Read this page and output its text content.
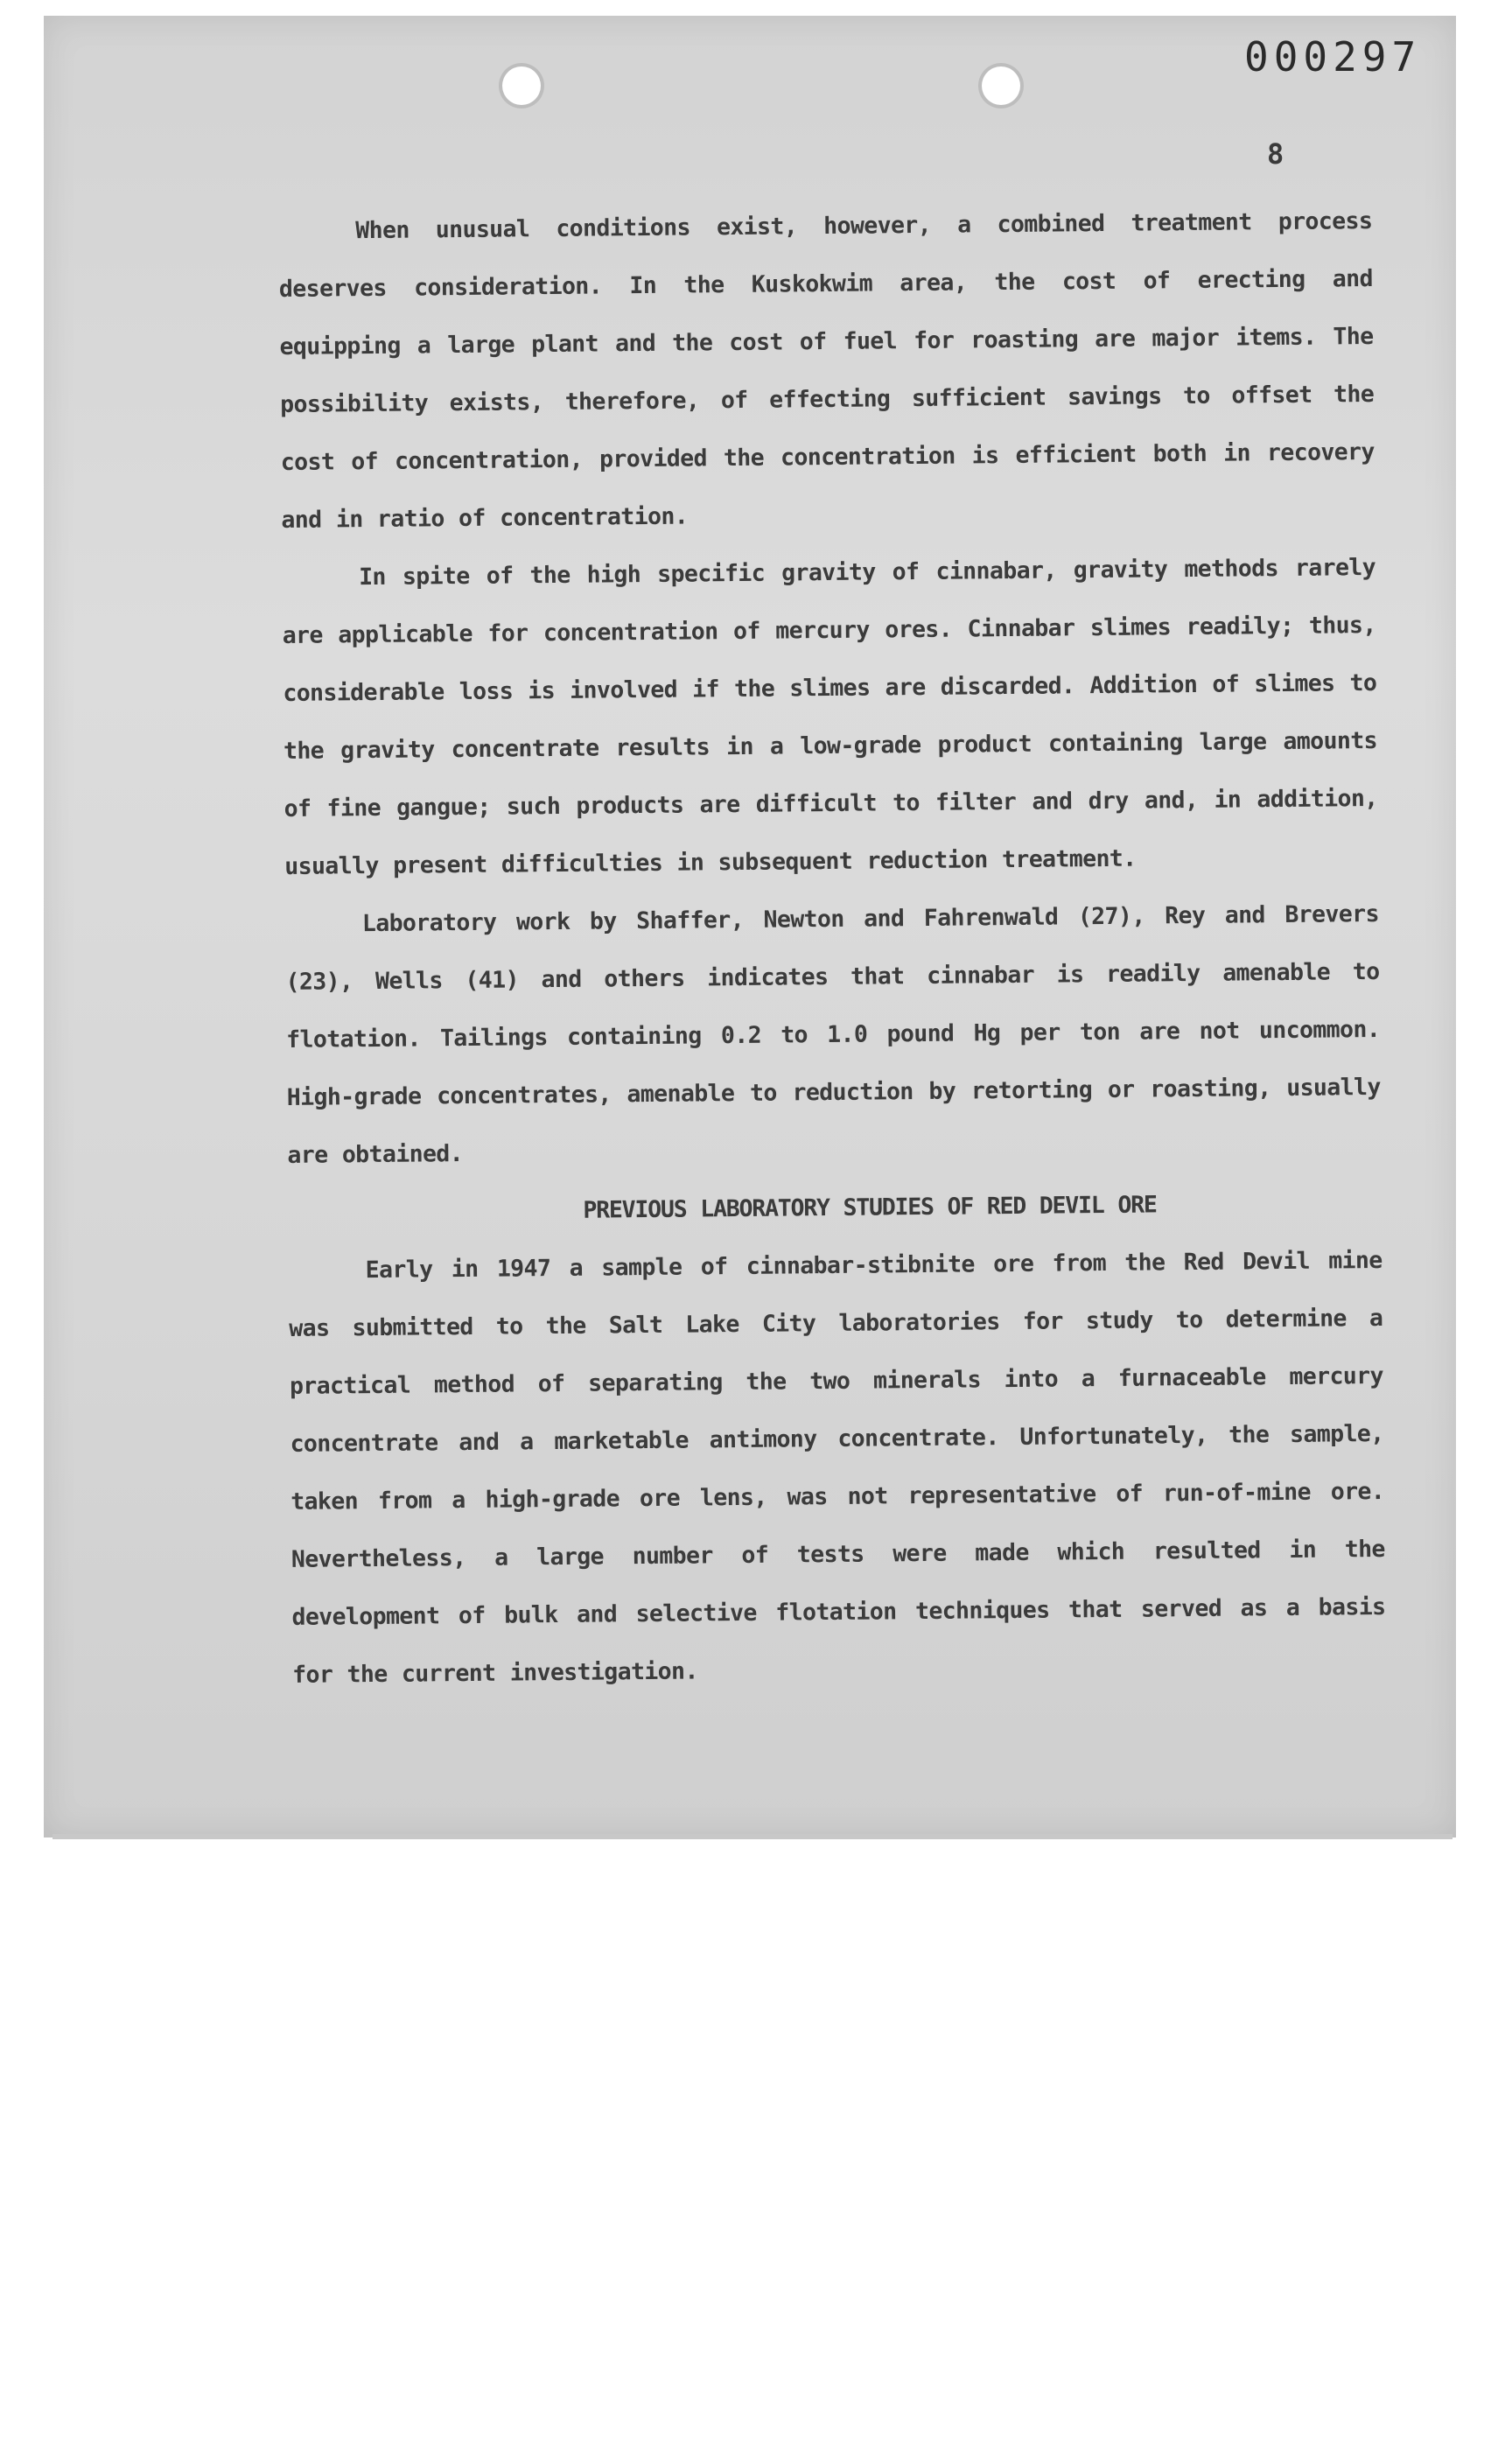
000297
8

When unusual conditions exist, however, a combined treatment process deserves consideration. In the Kuskokwim area, the cost of erecting and equipping a large plant and the cost of fuel for roasting are major items. The possibility exists, therefore, of effecting sufficient savings to offset the cost of concentration, provided the concentration is efficient both in recovery and in ratio of concentration.

In spite of the high specific gravity of cinnabar, gravity methods rarely are applicable for concentration of mercury ores. Cinnabar slimes readily; thus, considerable loss is involved if the slimes are discarded. Addition of slimes to the gravity concentrate results in a low-grade product containing large amounts of fine gangue; such products are difficult to filter and dry and, in addition, usually present difficulties in subsequent reduction treatment.

Laboratory work by Shaffer, Newton and Fahrenwald (27), Rey and Brevers (23), Wells (41) and others indicates that cinnabar is readily amenable to flotation. Tailings containing 0.2 to 1.0 pound Hg per ton are not uncommon. High-grade concentrates, amenable to reduction by retorting or roasting, usually are obtained.

PREVIOUS LABORATORY STUDIES OF RED DEVIL ORE

Early in 1947 a sample of cinnabar-stibnite ore from the Red Devil mine was submitted to the Salt Lake City laboratories for study to determine a practical method of separating the two minerals into a furnaceable mercury concentrate and a marketable antimony concentrate. Unfortunately, the sample, taken from a high-grade ore lens, was not representative of run-of-mine ore. Nevertheless, a large number of tests were made which resulted in the development of bulk and selective flotation techniques that served as a basis for the current investigation.
